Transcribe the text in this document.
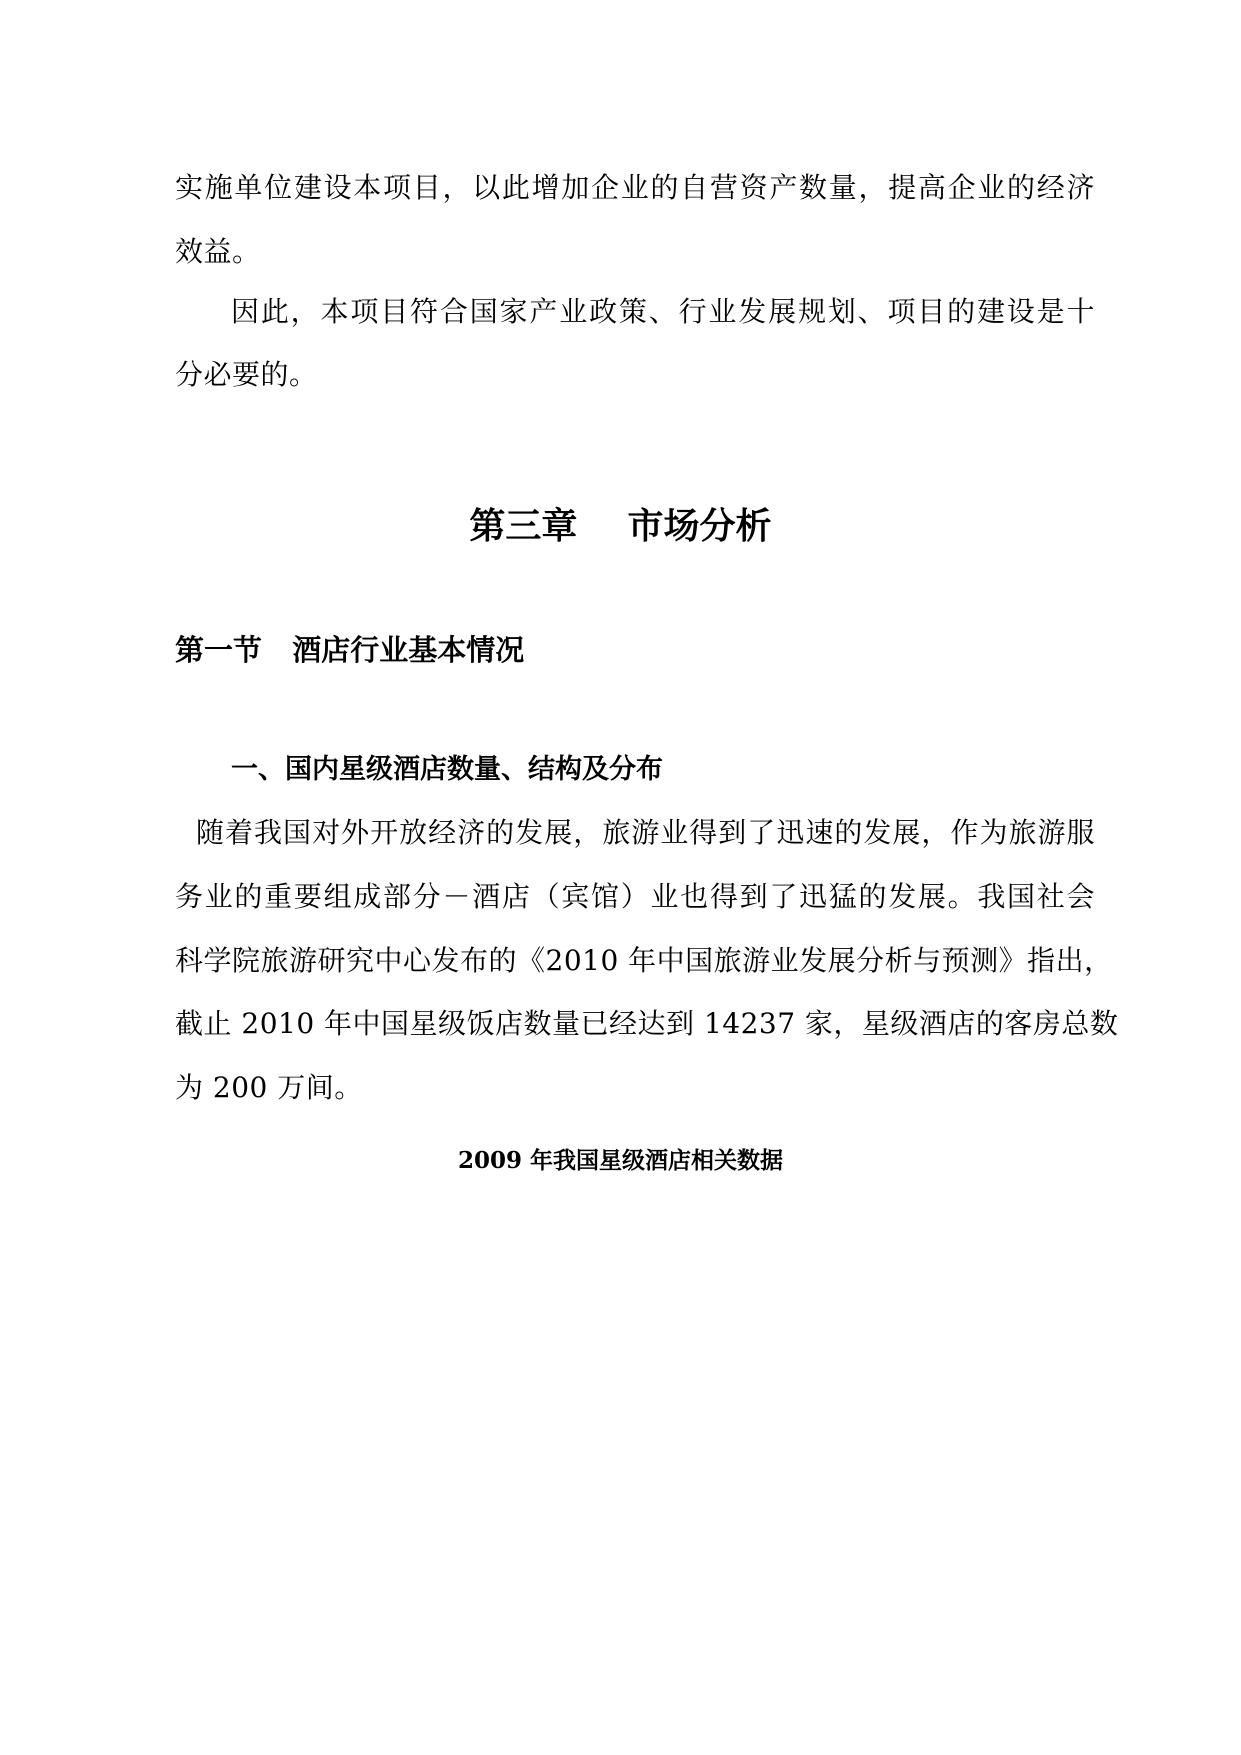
实施单位建设本项目，以此增加企业的自营资产数量，提高企业的经济
效益。
因此，本项目符合国家产业政策、行业发展规划、项目的建设是十
分必要的。
第三章    市场分析
第一节   酒店行业基本情况
一、国内星级酒店数量、结构及分布
随着我国对外开放经济的发展，旅游业得到了迅速的发展，作为旅游服
务业的重要组成部分－酒店（宾馆）业也得到了迅猛的发展。我国社会
科学院旅游研究中心发布的《2010 年中国旅游业发展分析与预测》指出，
截止 2010 年中国星级饭店数量已经达到 14237 家，星级酒店的客房总数
为 200 万间。
2009 年我国星级酒店相关数据
